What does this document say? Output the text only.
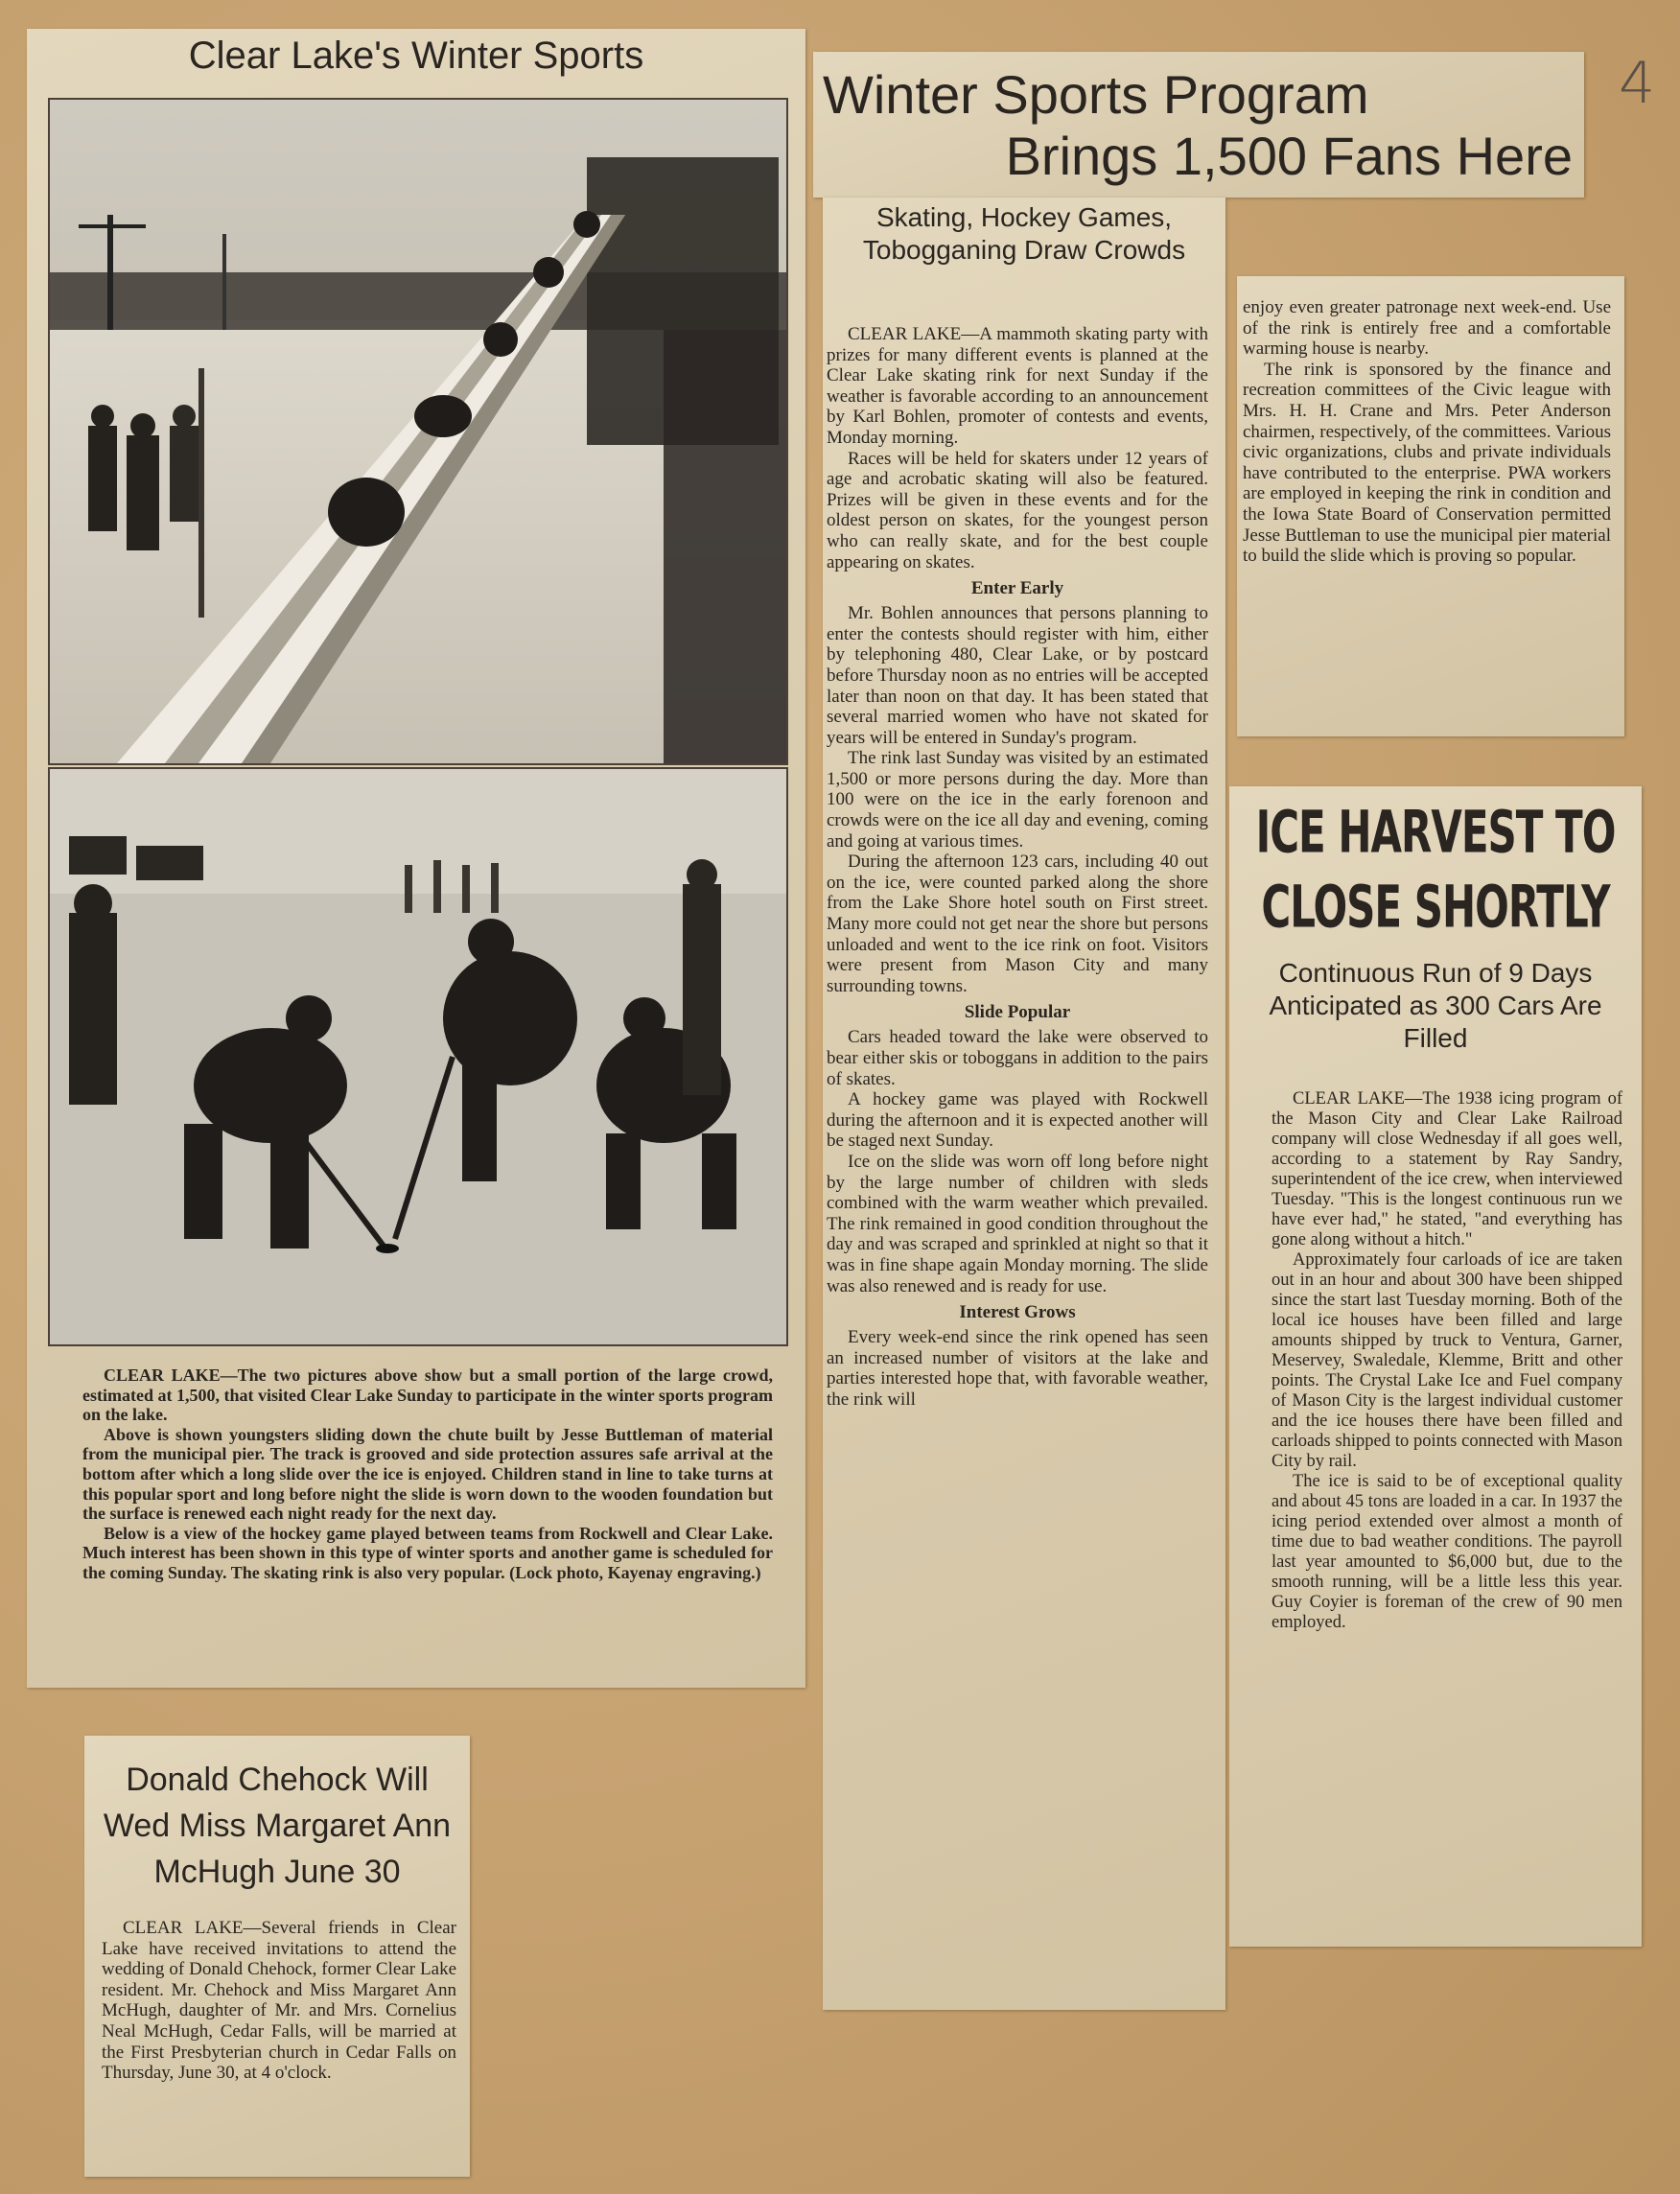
4
Clear Lake's Winter Sports

CLEAR LAKE—The two pictures above show but a small portion of the large crowd, estimated at 1,500, that visited Clear Lake Sunday to participate in the winter sports program on the lake.

Above is shown youngsters sliding down the chute built by Jesse Buttleman of material from the municipal pier. The track is grooved and side protection assures safe arrival at the bottom after which a long slide over the ice is enjoyed. Children stand in line to take turns at this popular sport and long before night the slide is worn down to the wooden foundation but the surface is renewed each night ready for the next day.

Below is a view of the hockey game played between teams from Rockwell and Clear Lake. Much interest has been shown in this type of winter sports and another game is scheduled for the coming Sunday. The skating rink is also very popular. (Lock photo, Kayenay engraving.)

Donald Chehock Will Wed Miss Margaret Ann McHugh June 30

CLEAR LAKE—Several friends in Clear Lake have received invitations to attend the wedding of Donald Chehock, former Clear Lake resident. Mr. Chehock and Miss Margaret Ann McHugh, daughter of Mr. and Mrs. Cornelius Neal McHugh, Cedar Falls, will be married at the First Presbyterian church in Cedar Falls on Thursday, June 30, at 4 o'clock.

Winter Sports Program
Brings 1,500 Fans Here
Skating, Hockey Games, Tobogganing Draw Crowds

CLEAR LAKE—A mammoth skating party with prizes for many different events is planned at the Clear Lake skating rink for next Sunday if the weather is favorable according to an announcement by Karl Bohlen, promoter of contests and events, Monday morning.

Races will be held for skaters under 12 years of age and acrobatic skating will also be featured. Prizes will be given in these events and for the oldest person on skates, for the youngest person who can really skate, and for the best couple appearing on skates.

Enter Early

Mr. Bohlen announces that persons planning to enter the contests should register with him, either by telephoning 480, Clear Lake, or by postcard before Thursday noon as no entries will be accepted later than noon on that day. It has been stated that several married women who have not skated for years will be entered in Sunday's program.

The rink last Sunday was visited by an estimated 1,500 or more persons during the day. More than 100 were on the ice in the early forenoon and crowds were on the ice all day and evening, coming and going at various times.

During the afternoon 123 cars, including 40 out on the ice, were counted parked along the shore from the Lake Shore hotel south on First street. Many more could not get near the shore but persons unloaded and went to the ice rink on foot. Visitors were present from Mason City and many surrounding towns.

Slide Popular

Cars headed toward the lake were observed to bear either skis or toboggans in addition to the pairs of skates.

A hockey game was played with Rockwell during the afternoon and it is expected another will be staged next Sunday.

Ice on the slide was worn off long before night by the large number of children with sleds combined with the warm weather which prevailed. The rink remained in good condition throughout the day and was scraped and sprinkled at night so that it was in fine shape again Monday morning. The slide was also renewed and is ready for use.

Interest Grows

Every week-end since the rink opened has seen an increased number of visitors at the lake and parties interested hope that, with favorable weather, the rink will

enjoy even greater patronage next week-end. Use of the rink is entirely free and a comfortable warming house is nearby.

The rink is sponsored by the finance and recreation committees of the Civic league with Mrs. H. H. Crane and Mrs. Peter Anderson chairmen, respectively, of the committees. Various civic organizations, clubs and private individuals have contributed to the enterprise. PWA workers are employed in keeping the rink in condition and the Iowa State Board of Conservation permitted Jesse Buttleman to use the municipal pier material to build the slide which is proving so popular.

ICE HARVEST TO
CLOSE SHORTLY
Continuous Run of 9 Days Anticipated as 300 Cars Are Filled

CLEAR LAKE—The 1938 icing program of the Mason City and Clear Lake Railroad company will close Wednesday if all goes well, according to a statement by Ray Sandry, superintendent of the ice crew, when interviewed Tuesday. "This is the longest continuous run we have ever had," he stated, "and everything has gone along without a hitch."

Approximately four carloads of ice are taken out in an hour and about 300 have been shipped since the start last Tuesday morning. Both of the local ice houses have been filled and large amounts shipped by truck to Ventura, Garner, Meservey, Swaledale, Klemme, Britt and other points. The Crystal Lake Ice and Fuel company of Mason City is the largest individual customer and the ice houses there have been filled and carloads shipped to points connected with Mason City by rail.

The ice is said to be of exceptional quality and about 45 tons are loaded in a car. In 1937 the icing period extended over almost a month of time due to bad weather conditions. The payroll last year amounted to $6,000 but, due to the smooth running, will be a little less this year. Guy Coyier is foreman of the crew of 90 men employed.
